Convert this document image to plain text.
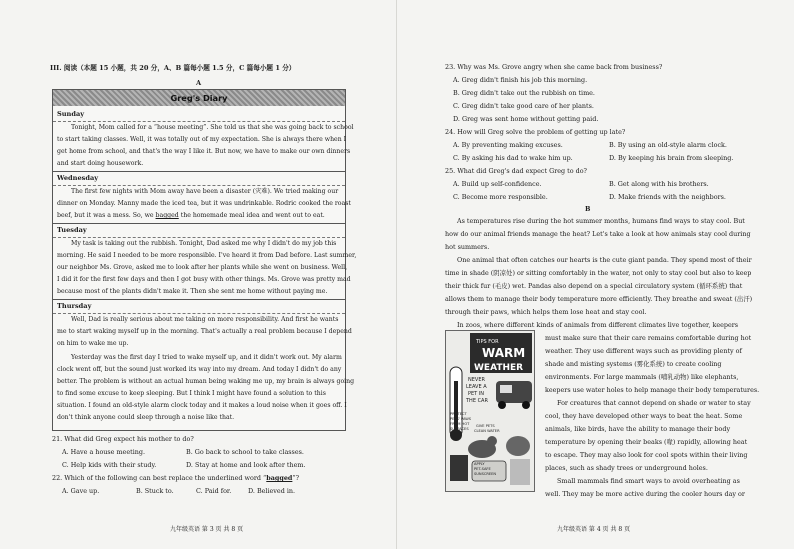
III. 阅读（本题 15 小题，共 20 分，A、B 篇每小题 1.5 分，C 篇每小题 1 分）
A
Greg's Diary
Sunday
Tonight, Mom called for a “house meeting”. She told us that she was going back to school
to start taking classes. Well, it was totally out of my expectation. She is always there when I
get home from school, and that's the way I like it. But now, we have to make our own dinners
and start doing housework.
Wednesday
The first few nights with Mom away have been a disaster (灾难). We tried making our
dinner on Monday. Manny made the iced tea, but it was undrinkable. Rodric cooked the roast
beef, but it was a mess. So, we bagged the homemade meal idea and went out to eat.
Tuesday
My task is taking out the rubbish. Tonight, Dad asked me why I didn't do my job this
morning. He said I needed to be more responsible. I've heard it from Dad before. Last summer,
our neighbor Ms. Grove, asked me to look after her plants while she went on business. Well,
I did it for the first few days and then I got busy with other things. Ms. Grove was pretty mad
because most of the plants didn't make it. Then she sent me home without paying me.
Thursday
Well, Dad is really serious about me taking on more responsibility. And first he wants
me to start waking myself up in the morning. That's actually a real problem because I depend
on him to wake me up.
Yesterday was the first day I tried to wake myself up, and it didn't work out. My alarm
clock went off, but the sound just worked its way into my dream. And today I didn't do any
better. The problem is without an actual human being waking me up, my brain is always going
to find some excuse to keep sleeping. But I think I might have found a solution to this
situation. I found an old-style alarm clock today and it makes a loud noise when it goes off. I
don't think anyone could sleep through a noise like that.
21. What did Greg expect his mother to do?
A. Have a house meeting.	B. Go back to school to take classes.
C. Help kids with their study.	D. Stay at home and look after them.
22. Which of the following can best replace the underlined word “bagged”?
A. Gave up.	B. Stuck to.	C. Paid for.	D. Believed in.
九年级英语 第 3 页 共 8 页
23. Why was Ms. Grove angry when she came back from business?
A. Greg didn't finish his job this morning.
B. Greg didn't take out the rubbish on time.
C. Greg didn't take good care of her plants.
D. Greg was sent home without getting paid.
24. How will Greg solve the problem of getting up late?
A. By preventing making excuses.	B. By using an old-style alarm clock.
C. By asking his dad to wake him up.	D. By keeping his brain from sleeping.
25. What did Greg's dad expect Greg to do?
A. Build up self-confidence.	B. Get along with his brothers.
C. Become more responsible.	D. Make friends with the neighbors.
B
As temperatures rise during the hot summer months, humans find ways to stay cool. But
how do our animal friends manage the heat? Let's take a look at how animals stay cool during
hot summers.
One animal that often catches our hearts is the cute giant panda. They spend most of their
time in shade (阴凉处) or sitting comfortably in the water, not only to stay cool but also to keep
their thick fur (毛皮) wet. Pandas also depend on a special circulatory system (循环系统) that
allows them to manage their body temperature more efficiently. They breathe and sweat (出汗)
through their paws, which helps them lose heat and stay cool.
In zoos, where different kinds of animals from different climates live together, keepers
must make sure that their care remains comfortable during hot
weather. They use different ways such as providing plenty of
shade and misting systems (雾化系统) to create cooling
environments. For large mammals (哺乳动物) like elephants,
keepers use water holes to help manage their body temperatures.
For creatures that cannot depend on shade or water to stay
cool, they have developed other ways to beat the heat. Some
animals, like birds, have the ability to manage their body
temperature by opening their beaks (喙) rapidly, allowing heat
to escape. They may also look for cool spots within their living
places, such as shady trees or underground holes.
Small mammals find smart ways to avoid overheating as
well. They may be more active during the cooler hours day or
九年级英语 第 4 页 共 8 页
TIPS FOR
WARM
WEATHER
NEVER
LEAVE A
PET IN
THE CAR
PROTECT
PETS' PAWS
FROM HOT
SURFACES
GIVE PETS
CLEAN WATER
APPLY
PET-SAFE
SUNSCREEN
